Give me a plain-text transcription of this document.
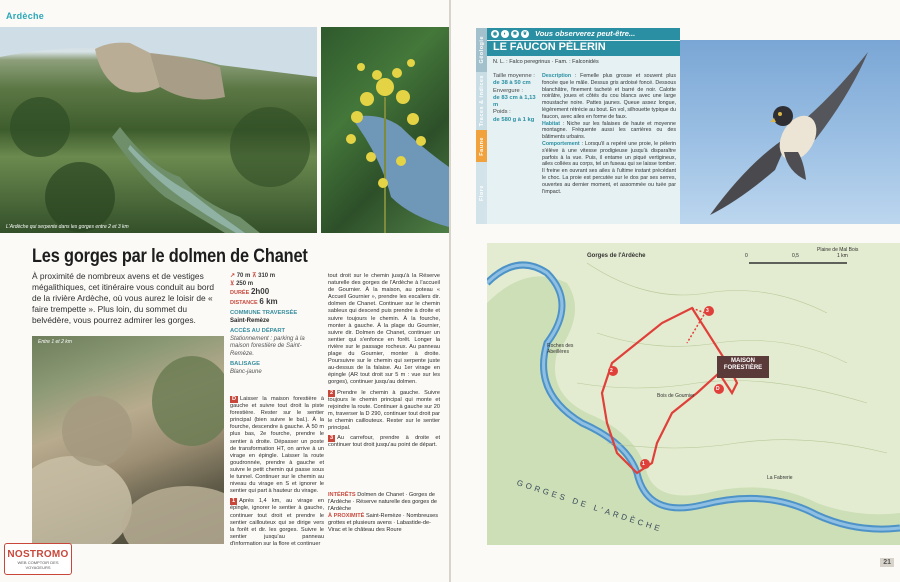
Ardèche
L'Ardèche qui serpente dans les gorges entre 2 et 3 km
Les gorges par le dolmen de Chanet
À proximité de nombreux avens et de vestiges mégalithiques, cet itinéraire vous conduit au bord de la rivière Ardèche, où vous aurez le loisir de « faire trempette ». Plus loin, du sommet du belvédère, vous pourrez admirer les gorges.
Entre 1 et 2 km
↗ 70 m ⊼ 310 m
⊻ 250 m
DURÉE 2h00
DISTANCE 6 km
COMMUNE TRAVERSÉE
Saint-Remèze
ACCÈS AU DÉPART
Stationnement : parking à la maison forestière de Saint-Remèze.
BALISAGE
Blanc-jaune
D Laisser la maison forestière à gauche et suivre tout droit la piste forestière. Rester sur le sentier principal (bien suivre le bal.). À la fourche, descendre à gauche. À 50 m plus bas, 2e fourche, prendre le sentier à droite. Dépasser un poste de transformation HT, on arrive à un virage en épingle. Laisser la route goudronnée, prendre à gauche et suivre le petit chemin qui passe sous le tunnel. Continuer sur le chemin au niveau du virage en S et ignorer le sentier qui part à hauteur du virage.
1 Après 1,4 km, au virage en épingle, ignorer le sentier à gauche, continuer tout droit et prendre le sentier caillouteux qui se dirige vers la forêt et dir. les gorges. Suivre le sentier jusqu'au panneau d'information sur la flore et continuer
tout droit sur le chemin jusqu'à la Réserve naturelle des gorges de l'Ardèche à l'accueil de Gournier. À la maison, au poteau « Accueil Gournier », prendre les escaliers dir. dolmen de Chanet. Continuer sur le chemin sableux qui descend puis prendre à droite et suivre toujours le chemin. À la fourche, monter à gauche. À la plage du Gournier, suivre dir. Dolmen de Chanet, continuer un sentier qui s'enfonce en forêt. Longer la rivière sur le passage rocheux. Au panneau plage du Gournier, monter à droite. Poursuivre sur le chemin qui serpente juste au-dessus de la falaise. Au 1er virage en épingle (AR tout droit sur 5 m : vue sur les gorges), continuer jusqu'au dolmen.
2 Prendre le chemin à gauche. Suivre toujours le chemin principal qui monte et rejoindre la route. Continuer à gauche sur 20 m, traverser la D 290, continuer tout droit par le chemin caillouteux. Rester sur le sentier principal.
3 Au carrefour, prendre à droite et continuer tout droit jusqu'au point de départ.
INTÉRÊTS Dolmen de Chanet · Gorges de l'Ardèche · Réserve naturelle des gorges de l'Ardèche
À PROXIMITÉ Saint-Remèze · Nombreuses grottes et plusieurs avens · Labastide-de-Virac et le château des Roure
NOSTROMO
WEB COMPTOIR DES VOYAGEURS
Géologie
Traces & indices
Faune
Flore
◉	◐	✱	❦ Vous observerez peut-être...
LE FAUCON PÈLERIN
N. L. : Falco peregrinus · Fam. : Falconidés
Taille moyenne :
de 38 à 50 cm
Envergure :
de 83 cm à 1,13 m
Poids :
de 580 g à 1 kg
Description : Femelle plus grosse et souvent plus foncée que le mâle. Dessus gris ardoisé foncé. Dessous blanchâtre, finement tacheté et barré de noir. Calotte noirâtre, joues et côtés du cou blancs avec une large moustache noire. Pattes jaunes. Queue assez longue, légèrement rétrécie au bout. En vol, silhouette typique du faucon, avec ailes en forme de faux.
Habitat : Niche sur les falaises de haute et moyenne montagne. Fréquente aussi les carrières ou des bâtiments urbains.
Comportement : Lorsqu'il a repéré une proie, le pèlerin s'élève à une vitesse prodigieuse jusqu'à disparaître parfois à la vue. Puis, il entame un piqué vertigineux, ailes collées au corps, tel un fuseau qui se laisse tomber. Il freine en ouvrant ses ailes à l'ultime instant précédant le choc. La proie est percutée sur le dos par ses serres, ouvertes au dernier moment, et assommée ou tuée par l'impact.
MAISON FORESTIÈRE
D
3
2
1
0	0,5	1 km
Gorges de l'Ardèche
GORGES DE L'ARDÈCHE
Plaine de Mal Bois
Roches des Abeillères
Bois de Gournier
La Fabrerie
21
